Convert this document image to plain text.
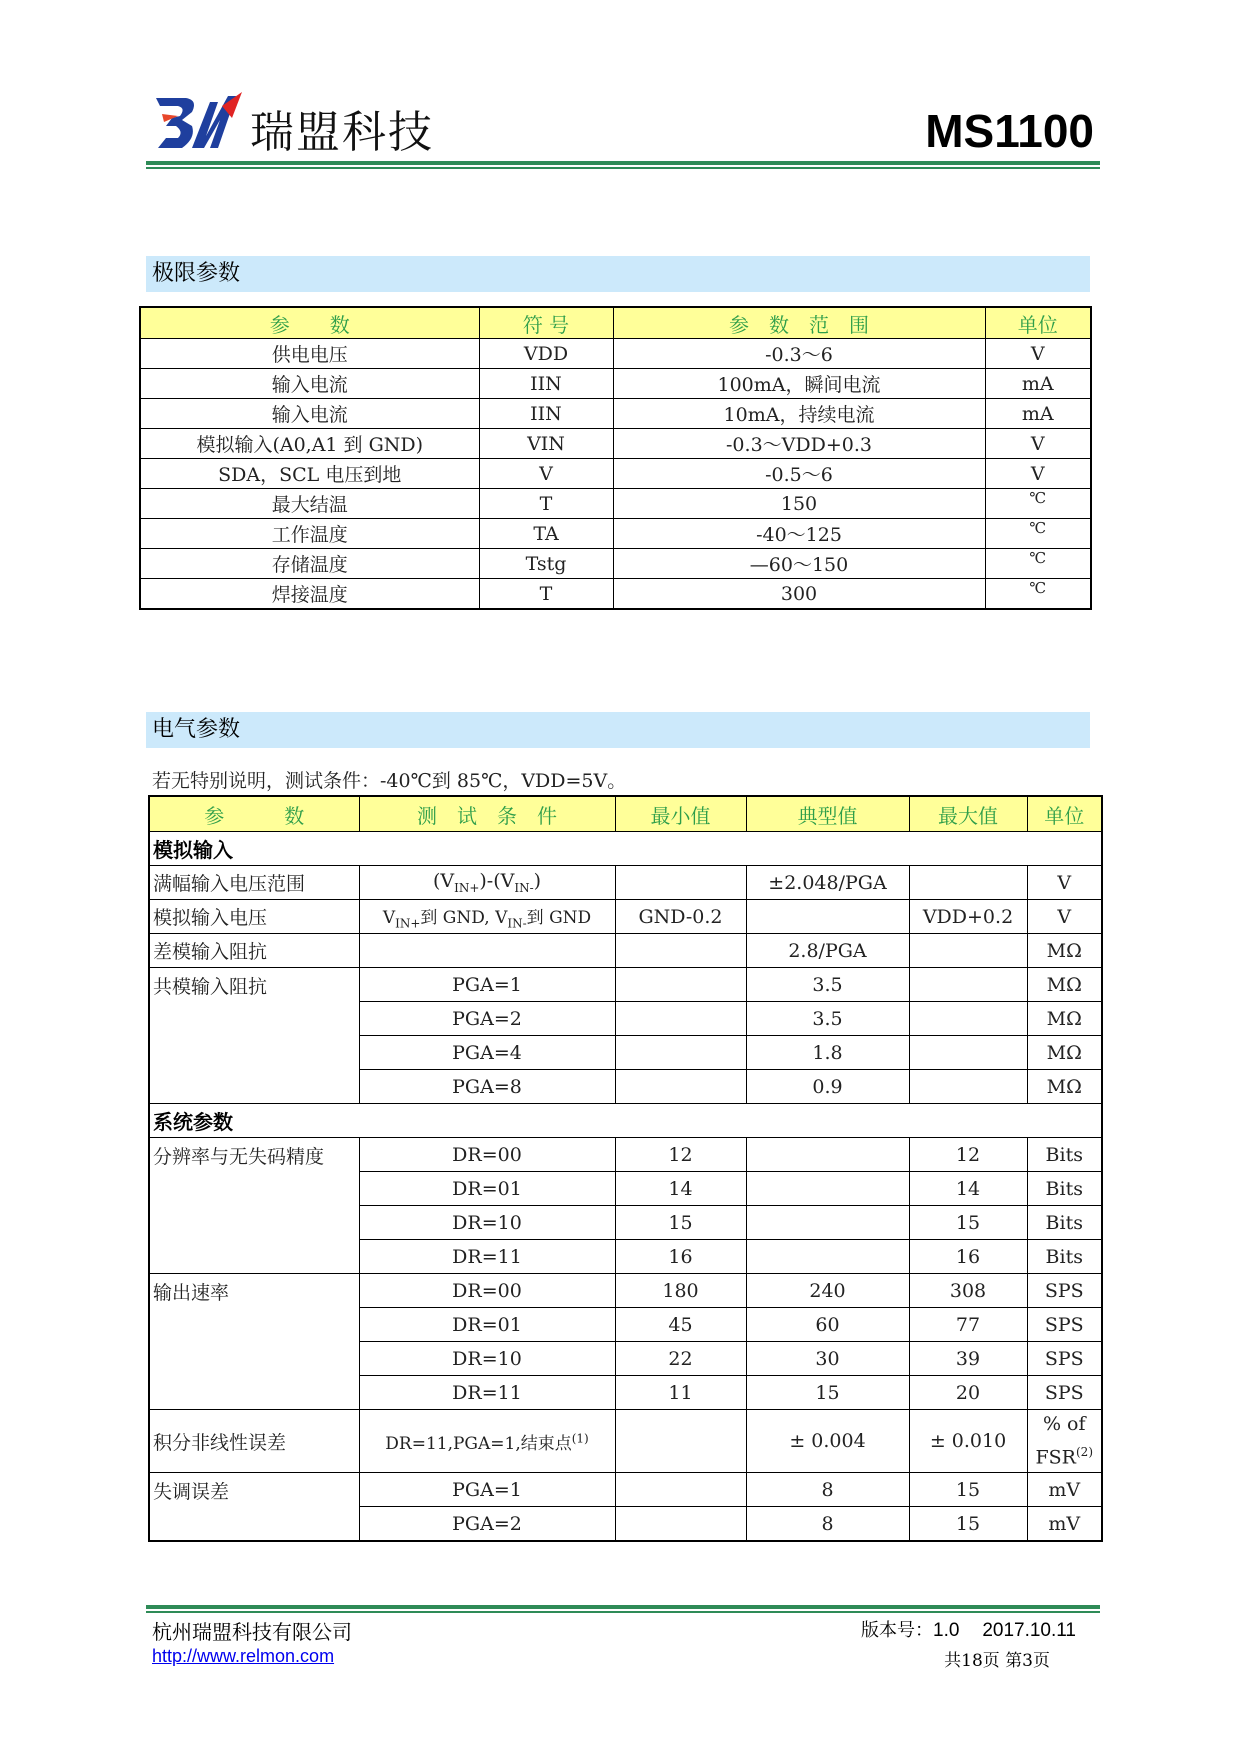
瑞盟科技	MS1100
极限参数
参　　数	符 号	参　数　范　围	单位
供电电压	VDD	-0.3～6	V
输入电流	IIN	100mA，瞬间电流	mA
输入电流	IIN	10mA，持续电流	mA
模拟输入(A0,A1 到 GND)	VIN	-0.3～VDD+0.3	V
SDA，SCL 电压到地	V	-0.5～6	V
最大结温	T	150	℃
工作温度	TA	-40～125	℃
存储温度	Tstg	—60～150	℃
焊接温度	T	300	℃
电气参数
若无特别说明，测试条件：-40℃到 85℃，VDD=5V。
参　　　数	测　试　条　件	最小值	典型值	最大值	单位
模拟输入					
满幅输入电压范围	$(V_{IN+})-(V_{IN-})$		±2.048/PGA		V
模拟输入电压	$V_{IN+}$到 GND, $V_{IN-}$到 GND	GND-0.2		VDD+0.2	V
差模输入阻抗			2.8/PGA		MΩ
共模输入阻抗	PGA=1		3.5		MΩ
	PGA=2		3.5		MΩ
	PGA=4		1.8		MΩ
	PGA=8		0.9		MΩ
系统参数					
分辨率与无失码精度	DR=00	12		12	Bits
	DR=01	14		14	Bits
	DR=10	15		15	Bits
	DR=11	16		16	Bits
输出速率	DR=00	180	240	308	SPS
	DR=01	45	60	77	SPS
	DR=10	22	30	39	SPS
	DR=11	11	15	20	SPS
积分非线性误差	DR=11,PGA=1,结束点$^{(1)}$		± 0.004	± 0.010	% of
FSR$^{(2)}$
失调误差	PGA=1		8	15	mV
	PGA=2		8	15	mV
杭州瑞盟科技有限公司
http://www.relmon.com
版本号：1.0 2017.10.11
共18页 第3页
